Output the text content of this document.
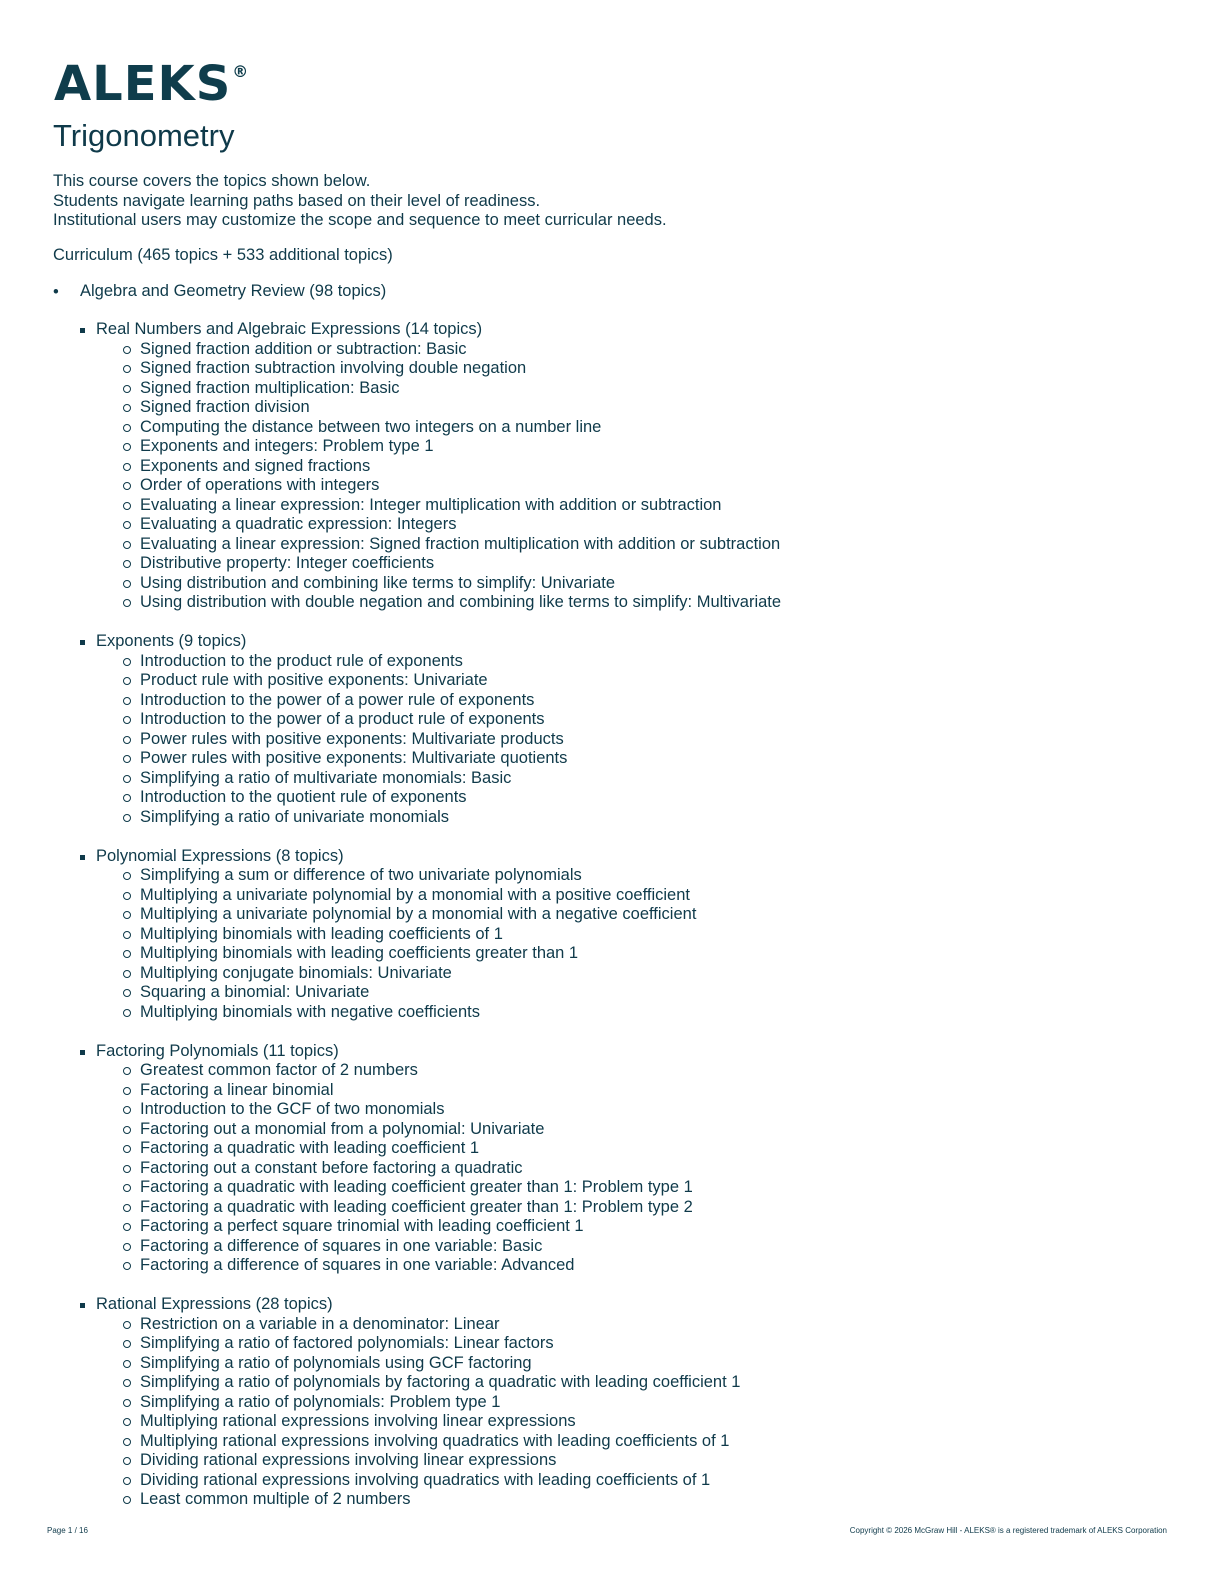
ALEKS®
Trigonometry
This course covers the topics shown below.
Students navigate learning paths based on their level of readiness.
Institutional users may customize the scope and sequence to meet curricular needs.
Curriculum (465 topics + 533 additional topics)
• Algebra and Geometry Review (98 topics)
Real Numbers and Algebraic Expressions (14 topics)
Signed fraction addition or subtraction: Basic
Signed fraction subtraction involving double negation
Signed fraction multiplication: Basic
Signed fraction division
Computing the distance between two integers on a number line
Exponents and integers: Problem type 1
Exponents and signed fractions
Order of operations with integers
Evaluating a linear expression: Integer multiplication with addition or subtraction
Evaluating a quadratic expression: Integers
Evaluating a linear expression: Signed fraction multiplication with addition or subtraction
Distributive property: Integer coefficients
Using distribution and combining like terms to simplify: Univariate
Using distribution with double negation and combining like terms to simplify: Multivariate
Exponents (9 topics)
Introduction to the product rule of exponents
Product rule with positive exponents: Univariate
Introduction to the power of a power rule of exponents
Introduction to the power of a product rule of exponents
Power rules with positive exponents: Multivariate products
Power rules with positive exponents: Multivariate quotients
Simplifying a ratio of multivariate monomials: Basic
Introduction to the quotient rule of exponents
Simplifying a ratio of univariate monomials
Polynomial Expressions (8 topics)
Simplifying a sum or difference of two univariate polynomials
Multiplying a univariate polynomial by a monomial with a positive coefficient
Multiplying a univariate polynomial by a monomial with a negative coefficient
Multiplying binomials with leading coefficients of 1
Multiplying binomials with leading coefficients greater than 1
Multiplying conjugate binomials: Univariate
Squaring a binomial: Univariate
Multiplying binomials with negative coefficients
Factoring Polynomials (11 topics)
Greatest common factor of 2 numbers
Factoring a linear binomial
Introduction to the GCF of two monomials
Factoring out a monomial from a polynomial: Univariate
Factoring a quadratic with leading coefficient 1
Factoring out a constant before factoring a quadratic
Factoring a quadratic with leading coefficient greater than 1: Problem type 1
Factoring a quadratic with leading coefficient greater than 1: Problem type 2
Factoring a perfect square trinomial with leading coefficient 1
Factoring a difference of squares in one variable: Basic
Factoring a difference of squares in one variable: Advanced
Rational Expressions (28 topics)
Restriction on a variable in a denominator: Linear
Simplifying a ratio of factored polynomials: Linear factors
Simplifying a ratio of polynomials using GCF factoring
Simplifying a ratio of polynomials by factoring a quadratic with leading coefficient 1
Simplifying a ratio of polynomials: Problem type 1
Multiplying rational expressions involving linear expressions
Multiplying rational expressions involving quadratics with leading coefficients of 1
Dividing rational expressions involving linear expressions
Dividing rational expressions involving quadratics with leading coefficients of 1
Least common multiple of 2 numbers
Page 1 / 16	Copyright © 2026 McGraw Hill - ALEKS® is a registered trademark of ALEKS Corporation
